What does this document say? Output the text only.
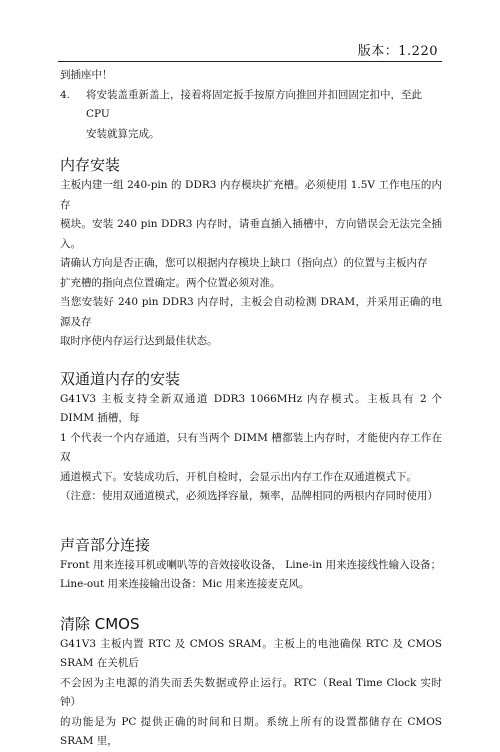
版本：1.220

到插座中！

4.	将安装盖重新盖上，接着将固定扳手按原方向推回并扣回固定扣中，至此 CPU
安装就算完成。
内存安装

主板内建一组 240-pin 的 DDR3 内存模块扩充槽。必须使用 1.5V 工作电压的内存
模块。安装 240 pin DDR3 内存时，请垂直插入插槽中，方向错误会无法完全插入。
请确认方向是否正确，您可以根据内存模块上缺口（指向点）的位置与主板内存
扩充槽的指向点位置确定。两个位置必须对准。
当您安装好 240 pin DDR3 内存时，主板会自动检测 DRAM，并采用正确的电源及存
取时序使内存运行达到最佳状态。

双通道内存的安装

G41V3 主板支持全新双通道 DDR3 1066MHz 内存模式。主板具有 2 个 DIMM 插槽，每
1 个代表一个内存通道，只有当两个 DIMM 槽都装上内存时，才能使内存工作在双
通道模式下。安装成功后，开机自检时，会显示出内存工作在双通道模式下。
（注意：使用双通道模式，必须选择容量，频率，品牌相同的两根内存同时使用）

声音部分连接

Front 用来连接耳机或喇叭等的音效接收设备， Line-in 用来连接线性输入设备；
Line-out 用来连接输出设备：Mic 用来连接麦克风。

清除 CMOS

G41V3 主板内置 RTC 及 CMOS SRAM。主板上的电池确保 RTC 及 CMOS SRAM 在关机后
不会因为主电源的消失而丢失数据或停止运行。RTC（Real Time Clock 实时钟）
的功能是为 PC 提供正确的时间和日期。系统上所有的设置都储存在 CMOS SRAM 里，
